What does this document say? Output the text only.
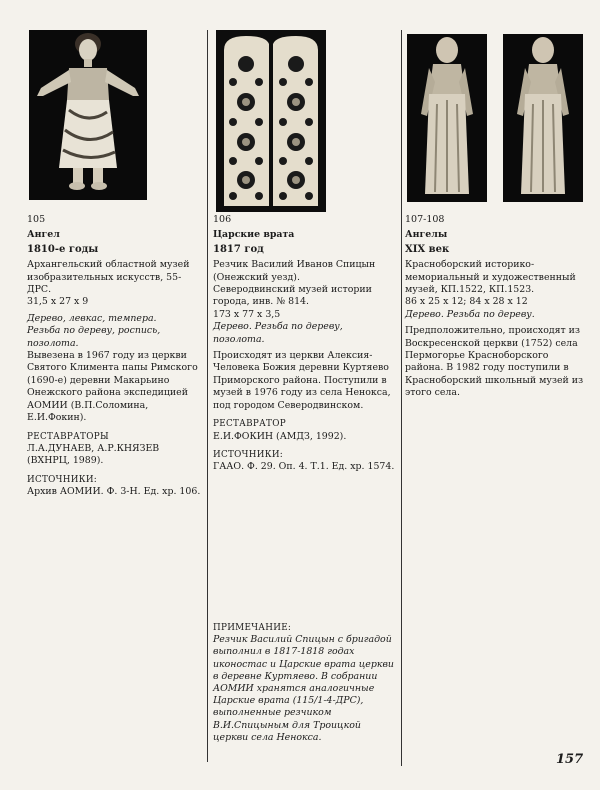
105
Ангел
1810-е годы
Архангельский областной музей изобразительных искусств, 55-ДРС.
31,5 x 27 x 9
Дерево, левкас, темпера.
Резьба по дереву, роспись, позолота.
Вывезена в 1967 году из церкви Святого Климента папы Римского (1690-е) деревни Макарьино Онежского района экспедицией АОМИИ (В.П.Соломина, Е.И.Фокин).
РЕСТАВРАТОРЫ
Л.А.ДУНАЕВ, А.Р.КНЯЗЕВ (ВХНРЦ, 1989).
ИСТОЧНИКИ:
Архив АОМИИ. Ф. 3-Н. Ед. хр. 106.
106
Царские врата
1817 год
Резчик Василий Иванов Спицын (Онежский уезд).
Северодвинский музей истории города, инв. № 814.
173 x 77 x 3,5
Дерево. Резьба по дереву, позолота.
Происходят из церкви Алексия-Человека Божия деревни Куртяево Приморского района. Поступили в музей в 1976 году из села Ненокса, под городом Северодвинском.
РЕСТАВРАТОР
Е.И.ФОКИН (АМДЗ, 1992).
ИСТОЧНИКИ:
ГААО. Ф. 29. Оп. 4. Т.1. Ед. хр. 1574.
ПРИМЕЧАНИЕ:
Резчик Василий Спицын с бригадой выполнил в 1817-1818 годах иконостас и Царские врата церкви в деревне Куртяево. В собрании АОМИИ хранятся аналогичные Царские врата (115/1-4-ДРС), выполненные резчиком В.И.Спицыным для Троицкой церкви села Ненокса.
107-108
Ангелы
XIX век
Красноборский историко-мемориальный и художественный музей, КП.1522, КП.1523.
86 x 25 x 12; 84 x 28 x 12
Дерево. Резьба по дереву.
Предположительно, происходят из Воскресенской церкви (1752) села Пермогорье Красноборского района. В 1982 году поступили в Красноборский школьный музей из этого села.
157
